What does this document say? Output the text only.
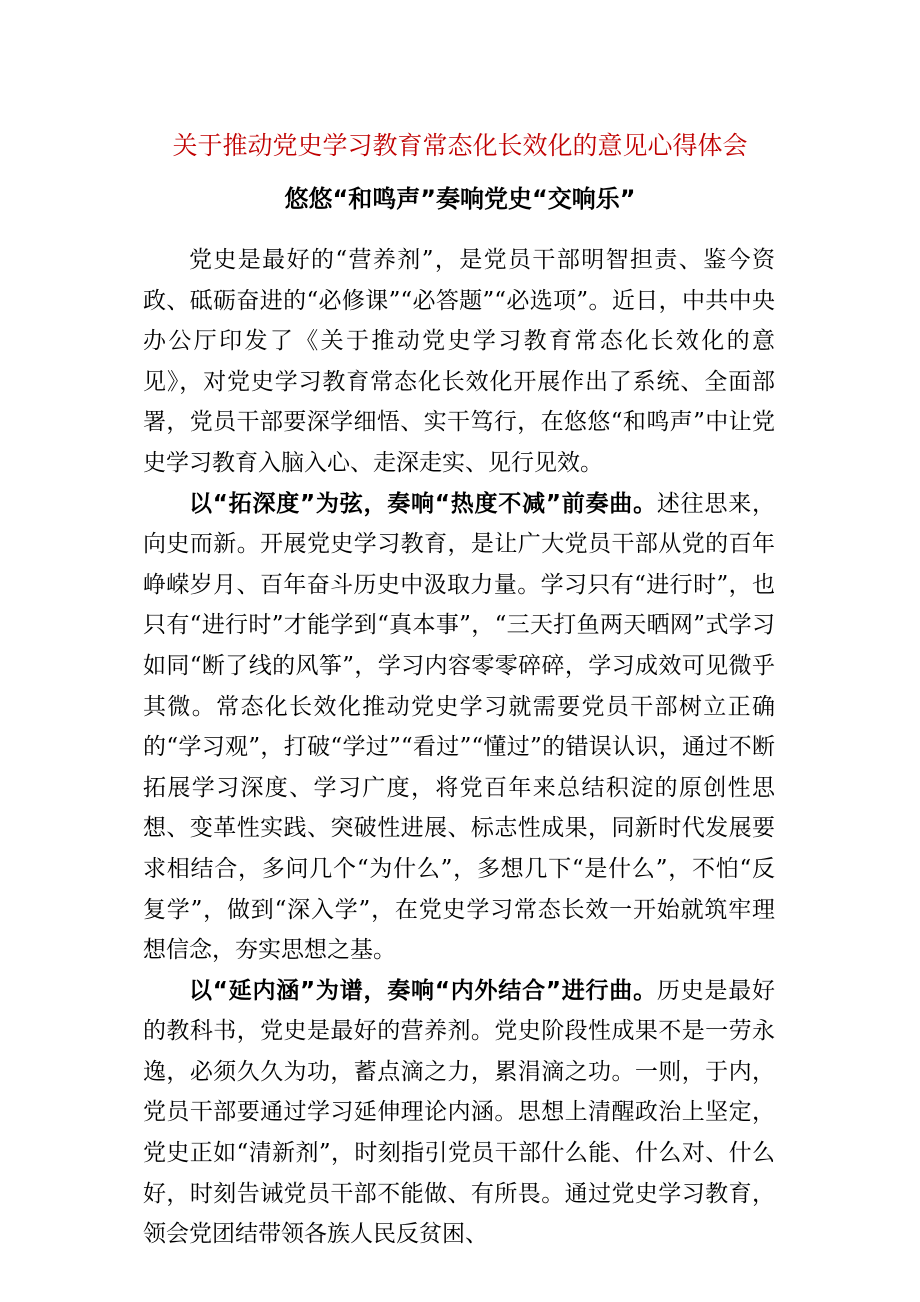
关于推动党史学习教育常态化长效化的意见心得体会
悠悠“和鸣声”奏响党史“交响乐”

党史是最好的“营养剂”，是党员干部明智担责、鉴今资政、砥砺奋进的“必修课”“必答题”“必选项”。近日，中共中央办公厅印发了《关于推动党史学习教育常态化长效化的意见》，对党史学习教育常态化长效化开展作出了系统、全面部署，党员干部要深学细悟、实干笃行，在悠悠“和鸣声”中让党史学习教育入脑入心、走深走实、见行见效。

以“拓深度”为弦，奏响“热度不减”前奏曲。述往思来，向史而新。开展党史学习教育，是让广大党员干部从党的百年峥嵘岁月、百年奋斗历史中汲取力量。学习只有“进行时”，也只有“进行时”才能学到“真本事”，“三天打鱼两天晒网”式学习如同“断了线的风筝”，学习内容零零碎碎，学习成效可见微乎其微。常态化长效化推动党史学习就需要党员干部树立正确的“学习观”，打破“学过”“看过”“懂过”的错误认识，通过不断拓展学习深度、学习广度，将党百年来总结积淀的原创性思想、变革性实践、突破性进展、标志性成果，同新时代发展要求相结合，多问几个“为什么”，多想几下“是什么”，不怕“反复学”，做到“深入学”，在党史学习常态长效一开始就筑牢理想信念，夯实思想之基。

以“延内涵”为谱，奏响“内外结合”进行曲。历史是最好的教科书，党史是最好的营养剂。党史阶段性成果不是一劳永逸，必须久久为功，蓄点滴之力，累涓滴之功。一则，于内，党员干部要通过学习延伸理论内涵。思想上清醒政治上坚定，党史正如“清新剂”，时刻指引党员干部什么能、什么对、什么好，时刻告诫党员干部不能做、有所畏。通过党史学习教育，领会党团结带领各族人民反贫困、
